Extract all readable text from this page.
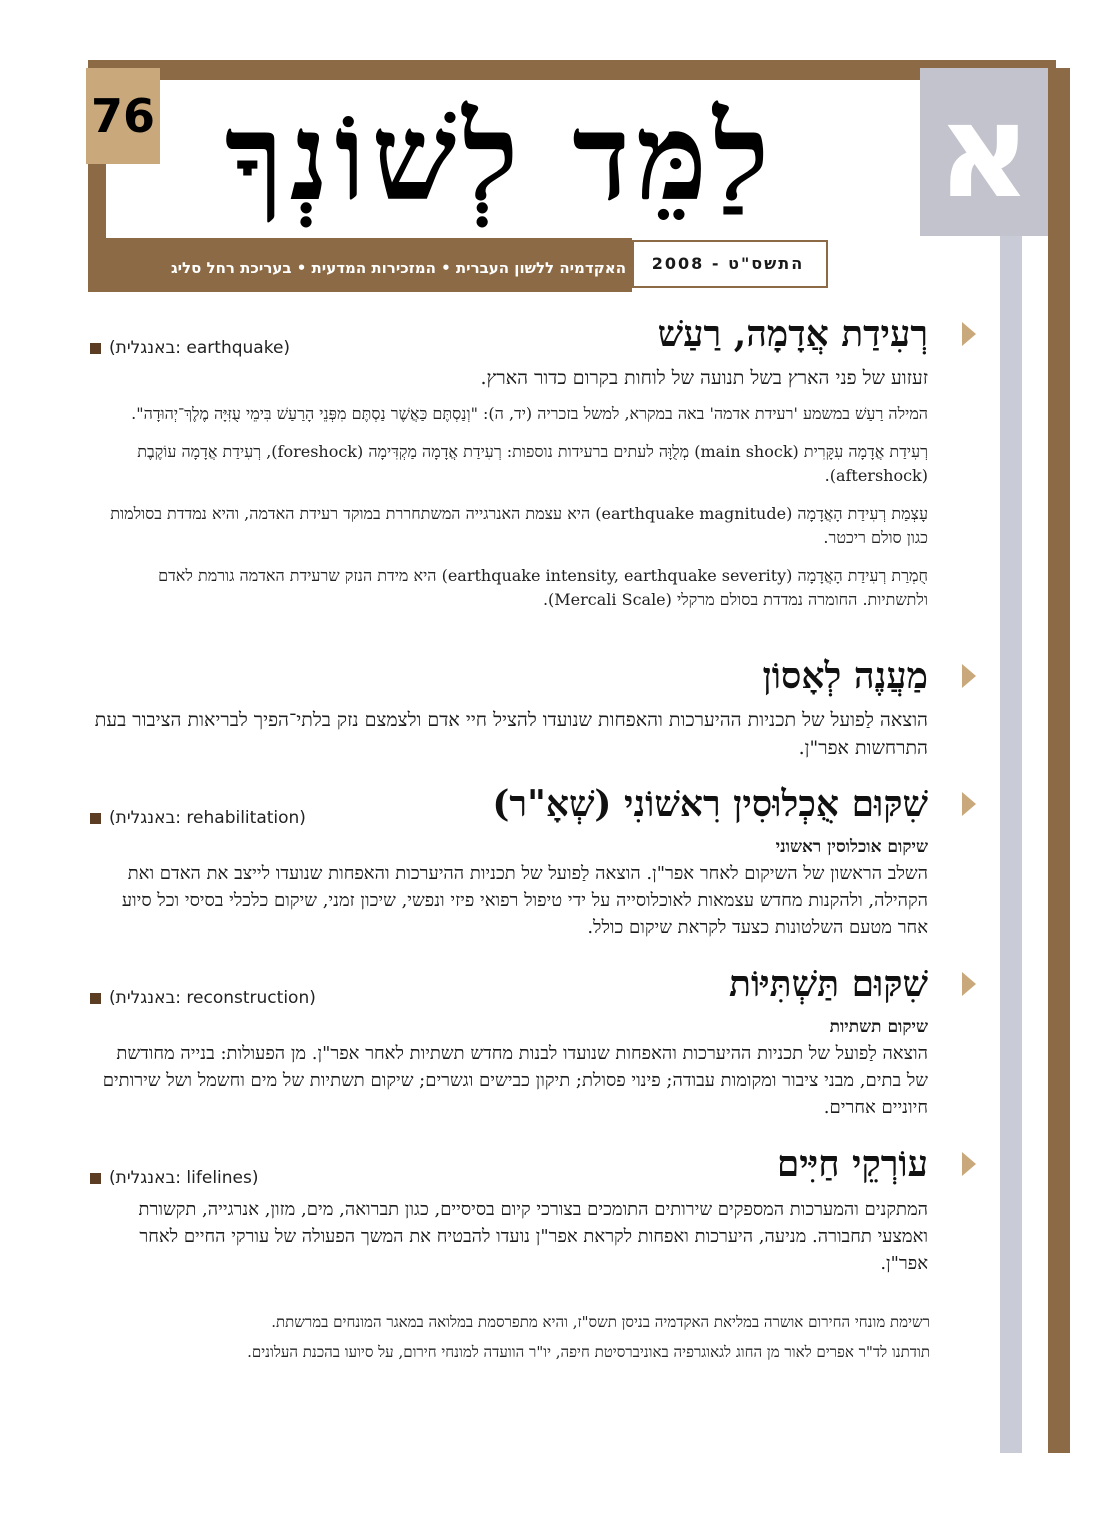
א
76 לַמֵּד לְשׁוֹנְךָ
האקדמיה ללשון העברית • המזכירות המדעית • בעריכת רחל סליג	התשס"ט - 2008
רְעִידַת אֲדָמָה, רַעַשׁ
(באנגלית: earthquake)

זעזוע של פני הארץ בשל תנועה של לוחות בקרום כדור הארץ.

המילה רַעַשׁ במשמע 'רעידת אדמה' באה במקרא, למשל בזכריה (יד, ה): "וְנַסְתֶּם כַּאֲשֶׁר נַסְתֶּם מִפְּנֵי הָרַעַשׁ בִּימֵי עֻזִּיָּה מֶלֶךְ־יְהוּדָה".

רְעִידַת אֲדָמָה עִקָּרִית (main shock) מְלֻוָּה לעתים ברעידות נוספות: רְעִידַת אֲדָמָה מַקְדִּימָה (foreshock), רְעִידַת אֲדָמָה עוֹקֶבֶת (aftershock).

עָצְמַת רְעִידַת הָאֲדָמָה (earthquake magnitude) היא עצמת האנרגייה המשתחררת במוקד רעידת האדמה, והיא נמדדת בסולמות כגון סולם ריכטר.

חֻמְרַת רְעִידַת הָאֲדָמָה (earthquake intensity, earthquake severity) היא מידת הנזק שרעידת האדמה גורמת לאדם ולתשתיות. החומרה נמדדת בסולם מרקלי (Mercali Scale).

מַעֲנֶה לְאָסוֹן

הוצאה לַפועל של תכניות ההיערכות והאפחות שנועדו להציל חיי אדם ולצמצם נזק בלתי־הפיך לבריאות הציבור בעת התרחשות אפר"ן.

שִׁקּוּם אֻכְלוּסִין רִאשׁוֹנִי (שְׁאָ"ר)
(באנגלית: rehabilitation)

שיקום אוכלוסין ראשוני

השלב הראשון של השיקום לאחר אפר"ן. הוצאה לַפועל של תכניות ההיערכות והאפחות שנועדו לייצב את האדם ואת הקהילה, ולהקנות מחדש עצמאות לאוכלוסייה על ידי טיפול רפואי פיזי ונפשי, שיכון זמני, שיקום כלכלי בסיסי וכל סיוע אחר מטעם השלטונות כצעד לקראת שיקום כולל.

שִׁקּוּם תַּשְׁתִּיּוֹת
(באנגלית: reconstruction)

שיקום תשתיות

הוצאה לַפועל של תכניות ההיערכות והאפחות שנועדו לבנות מחדש תשתיות לאחר אפר"ן. מן הפעולות: בנייה מחודשת של בתים, מבני ציבור ומקומות עבודה; פינוי פסולת; תיקון כבישים וגשרים; שיקום תשתיות של מים וחשמל ושל שירותים חיוניים אחרים.

עוֹרְקֵי חַיִּים
(באנגלית: lifelines)

המתקנים והמערכות המספקים שירותים התומכים בצורכי קיום בסיסיים, כגון תברואה, מים, מזון, אנרגייה, תקשורת ואמצעי תחבורה. מניעה, היערכות ואפחות לקראת אפר"ן נועדו להבטיח את המשך הפעולה של עורקי החיים לאחר אפר"ן.

רשימת מונחי החירום אושרה במליאת האקדמיה בניסן תשס"ז, והיא מתפרסמת במלואה במאגר המונחים במרשתת.

תודתנו לד"ר אפרים לאור מן החוג לגאוגרפיה באוניברסיטת חיפה, יו"ר הוועדה למונחי חירום, על סיועו בהכנת העלונים.
